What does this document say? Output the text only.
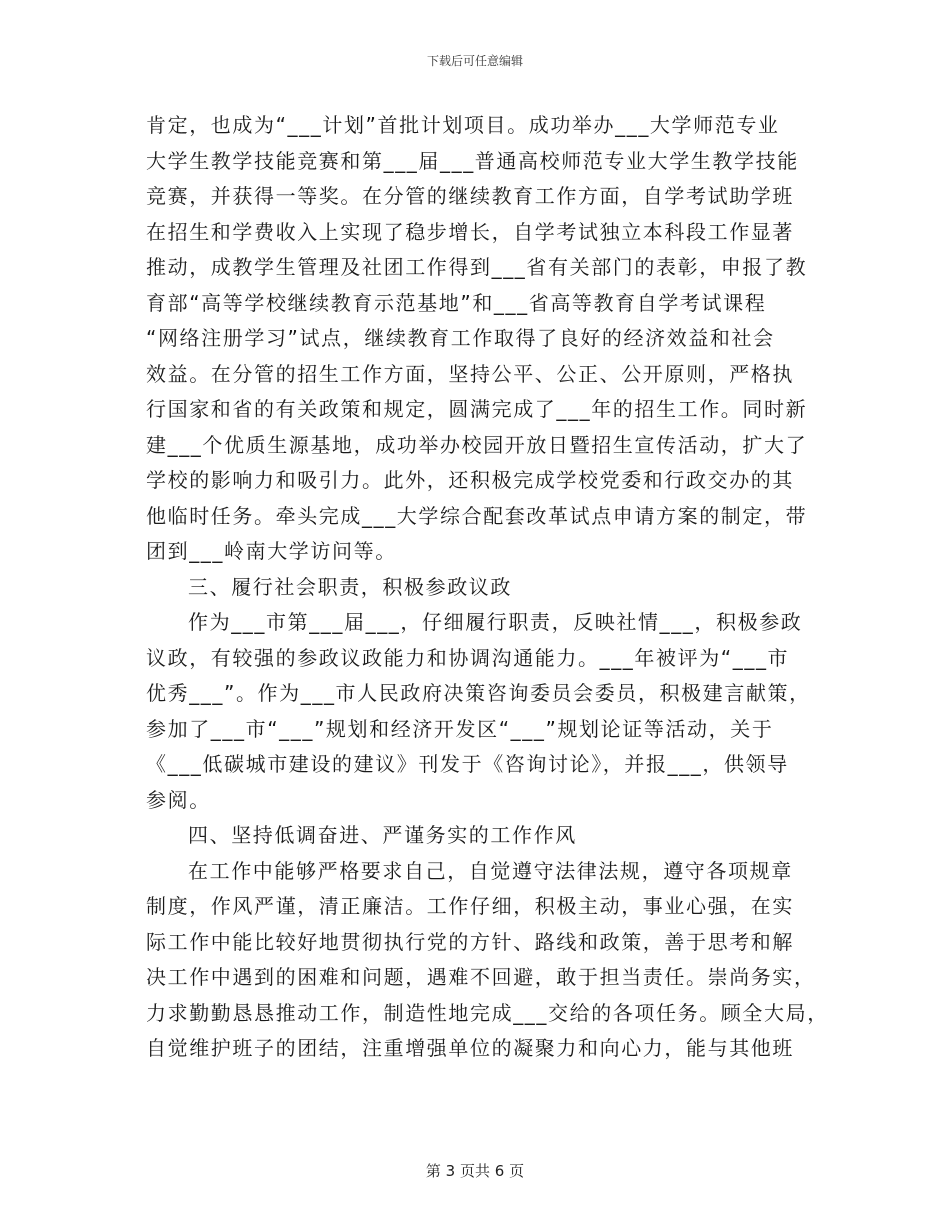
下载后可任意编辑
肯定，也成为“___计划”首批计划项目。成功举办___大学师范专业
大学生教学技能竞赛和第___届___普通高校师范专业大学生教学技能
竞赛，并获得一等奖。在分管的继续教育工作方面，自学考试助学班
在招生和学费收入上实现了稳步增长，自学考试独立本科段工作显著
推动，成教学生管理及社团工作得到___省有关部门的表彰，申报了教
育部“高等学校继续教育示范基地”和___省高等教育自学考试课程
“网络注册学习”试点，继续教育工作取得了良好的经济效益和社会
效益。在分管的招生工作方面，坚持公平、公正、公开原则，严格执
行国家和省的有关政策和规定，圆满完成了___年的招生工作。同时新
建___个优质生源基地，成功举办校园开放日暨招生宣传活动，扩大了
学校的影响力和吸引力。此外，还积极完成学校党委和行政交办的其
他临时任务。牵头完成___大学综合配套改革试点申请方案的制定，带
团到___岭南大学访问等。
三、履行社会职责，积极参政议政
作为___市第___届___，仔细履行职责，反映社情___，积极参政
议政，有较强的参政议政能力和协调沟通能力。___年被评为“___市
优秀___”。作为___市人民政府决策咨询委员会委员，积极建言献策，
参加了___市“___”规划和经济开发区“___”规划论证等活动，关于
《___低碳城市建设的建议》刊发于《咨询讨论》，并报___，供领导
参阅。
四、坚持低调奋进、严谨务实的工作作风
在工作中能够严格要求自己，自觉遵守法律法规，遵守各项规章
制度，作风严谨，清正廉洁。工作仔细，积极主动，事业心强，在实
际工作中能比较好地贯彻执行党的方针、路线和政策，善于思考和解
决工作中遇到的困难和问题，遇难不回避，敢于担当责任。崇尚务实，
力求勤勤恳恳推动工作，制造性地完成___交给的各项任务。顾全大局，
自觉维护班子的团结，注重增强单位的凝聚力和向心力，能与其他班
第 3 页共 6 页
